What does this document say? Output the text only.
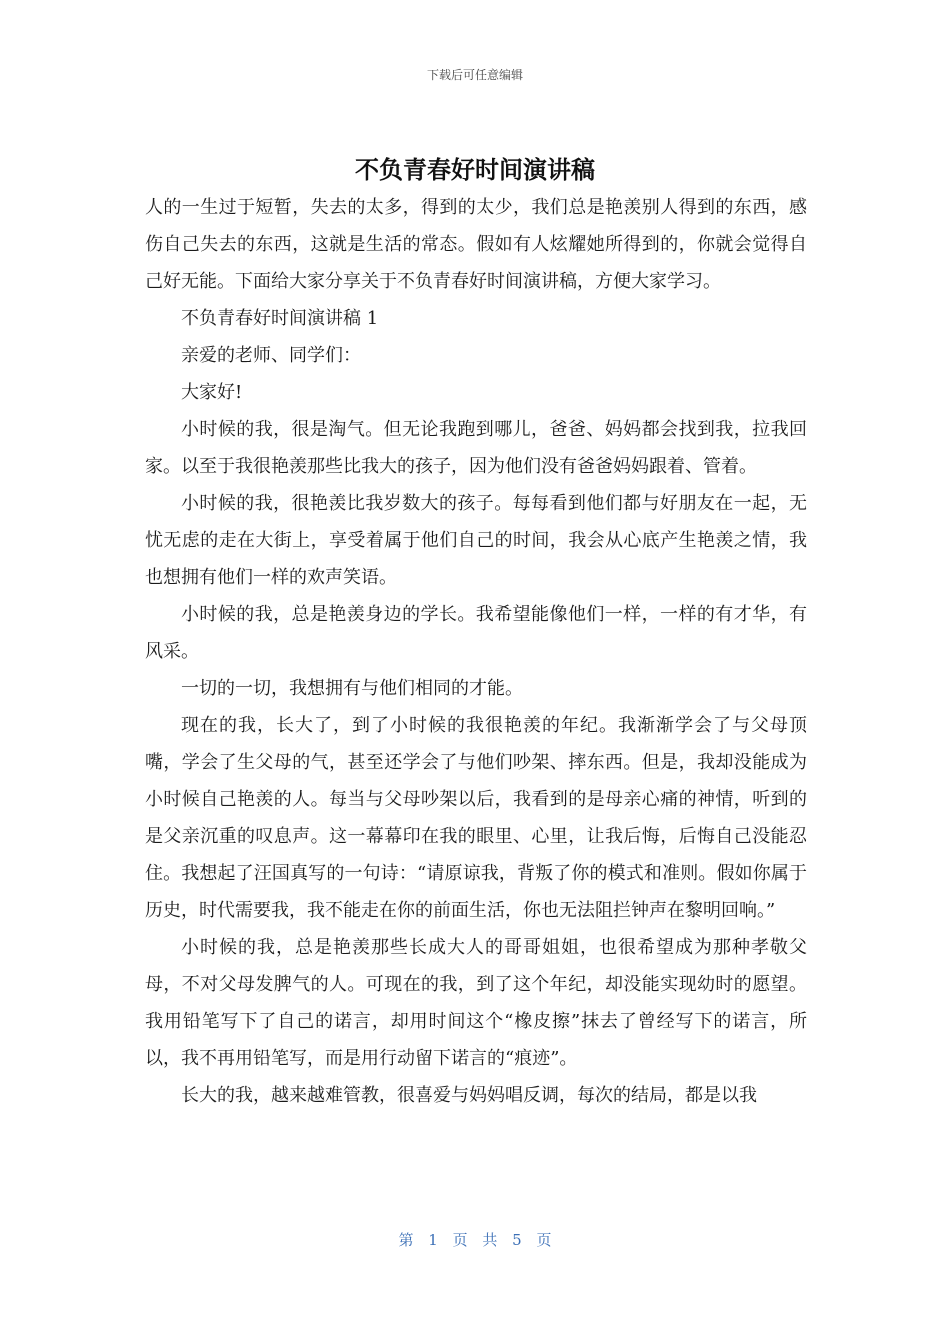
下载后可任意编辑
不负青春好时间演讲稿

人的一生过于短暂，失去的太多，得到的太少，我们总是艳羡别人得到的东西，感伤自己失去的东西，这就是生活的常态。假如有人炫耀她所得到的，你就会觉得自己好无能。下面给大家分享关于不负青春好时间演讲稿，方便大家学习。

不负青春好时间演讲稿 1

亲爱的老师、同学们：

大家好!

小时候的我，很是淘气。但无论我跑到哪儿，爸爸、妈妈都会找到我，拉我回家。以至于我很艳羡那些比我大的孩子，因为他们没有爸爸妈妈跟着、管着。

小时候的我，很艳羡比我岁数大的孩子。每每看到他们都与好朋友在一起，无忧无虑的走在大街上，享受着属于他们自己的时间，我会从心底产生艳羡之情，我也想拥有他们一样的欢声笑语。

小时候的我，总是艳羡身边的学长。我希望能像他们一样，一样的有才华，有风采。

一切的一切，我想拥有与他们相同的才能。

现在的我，长大了，到了小时候的我很艳羡的年纪。我渐渐学会了与父母顶嘴，学会了生父母的气，甚至还学会了与他们吵架、摔东西。但是，我却没能成为小时候自己艳羡的人。每当与父母吵架以后，我看到的是母亲心痛的神情，听到的是父亲沉重的叹息声。这一幕幕印在我的眼里、心里，让我后悔，后悔自己没能忍住。我想起了汪国真写的一句诗：“请原谅我，背叛了你的模式和准则。假如你属于历史，时代需要我，我不能走在你的前面生活，你也无法阻拦钟声在黎明回响。”

小时候的我，总是艳羡那些长成大人的哥哥姐姐，也很希望成为那种孝敬父母，不对父母发脾气的人。可现在的我，到了这个年纪，却没能实现幼时的愿望。我用铅笔写下了自己的诺言，却用时间这个“橡皮擦”抹去了曾经写下的诺言，所以，我不再用铅笔写，而是用行动留下诺言的“痕迹”。

长大的我，越来越难管教，很喜爱与妈妈唱反调，每次的结局，都是以我

第 1 页 共 5 页
